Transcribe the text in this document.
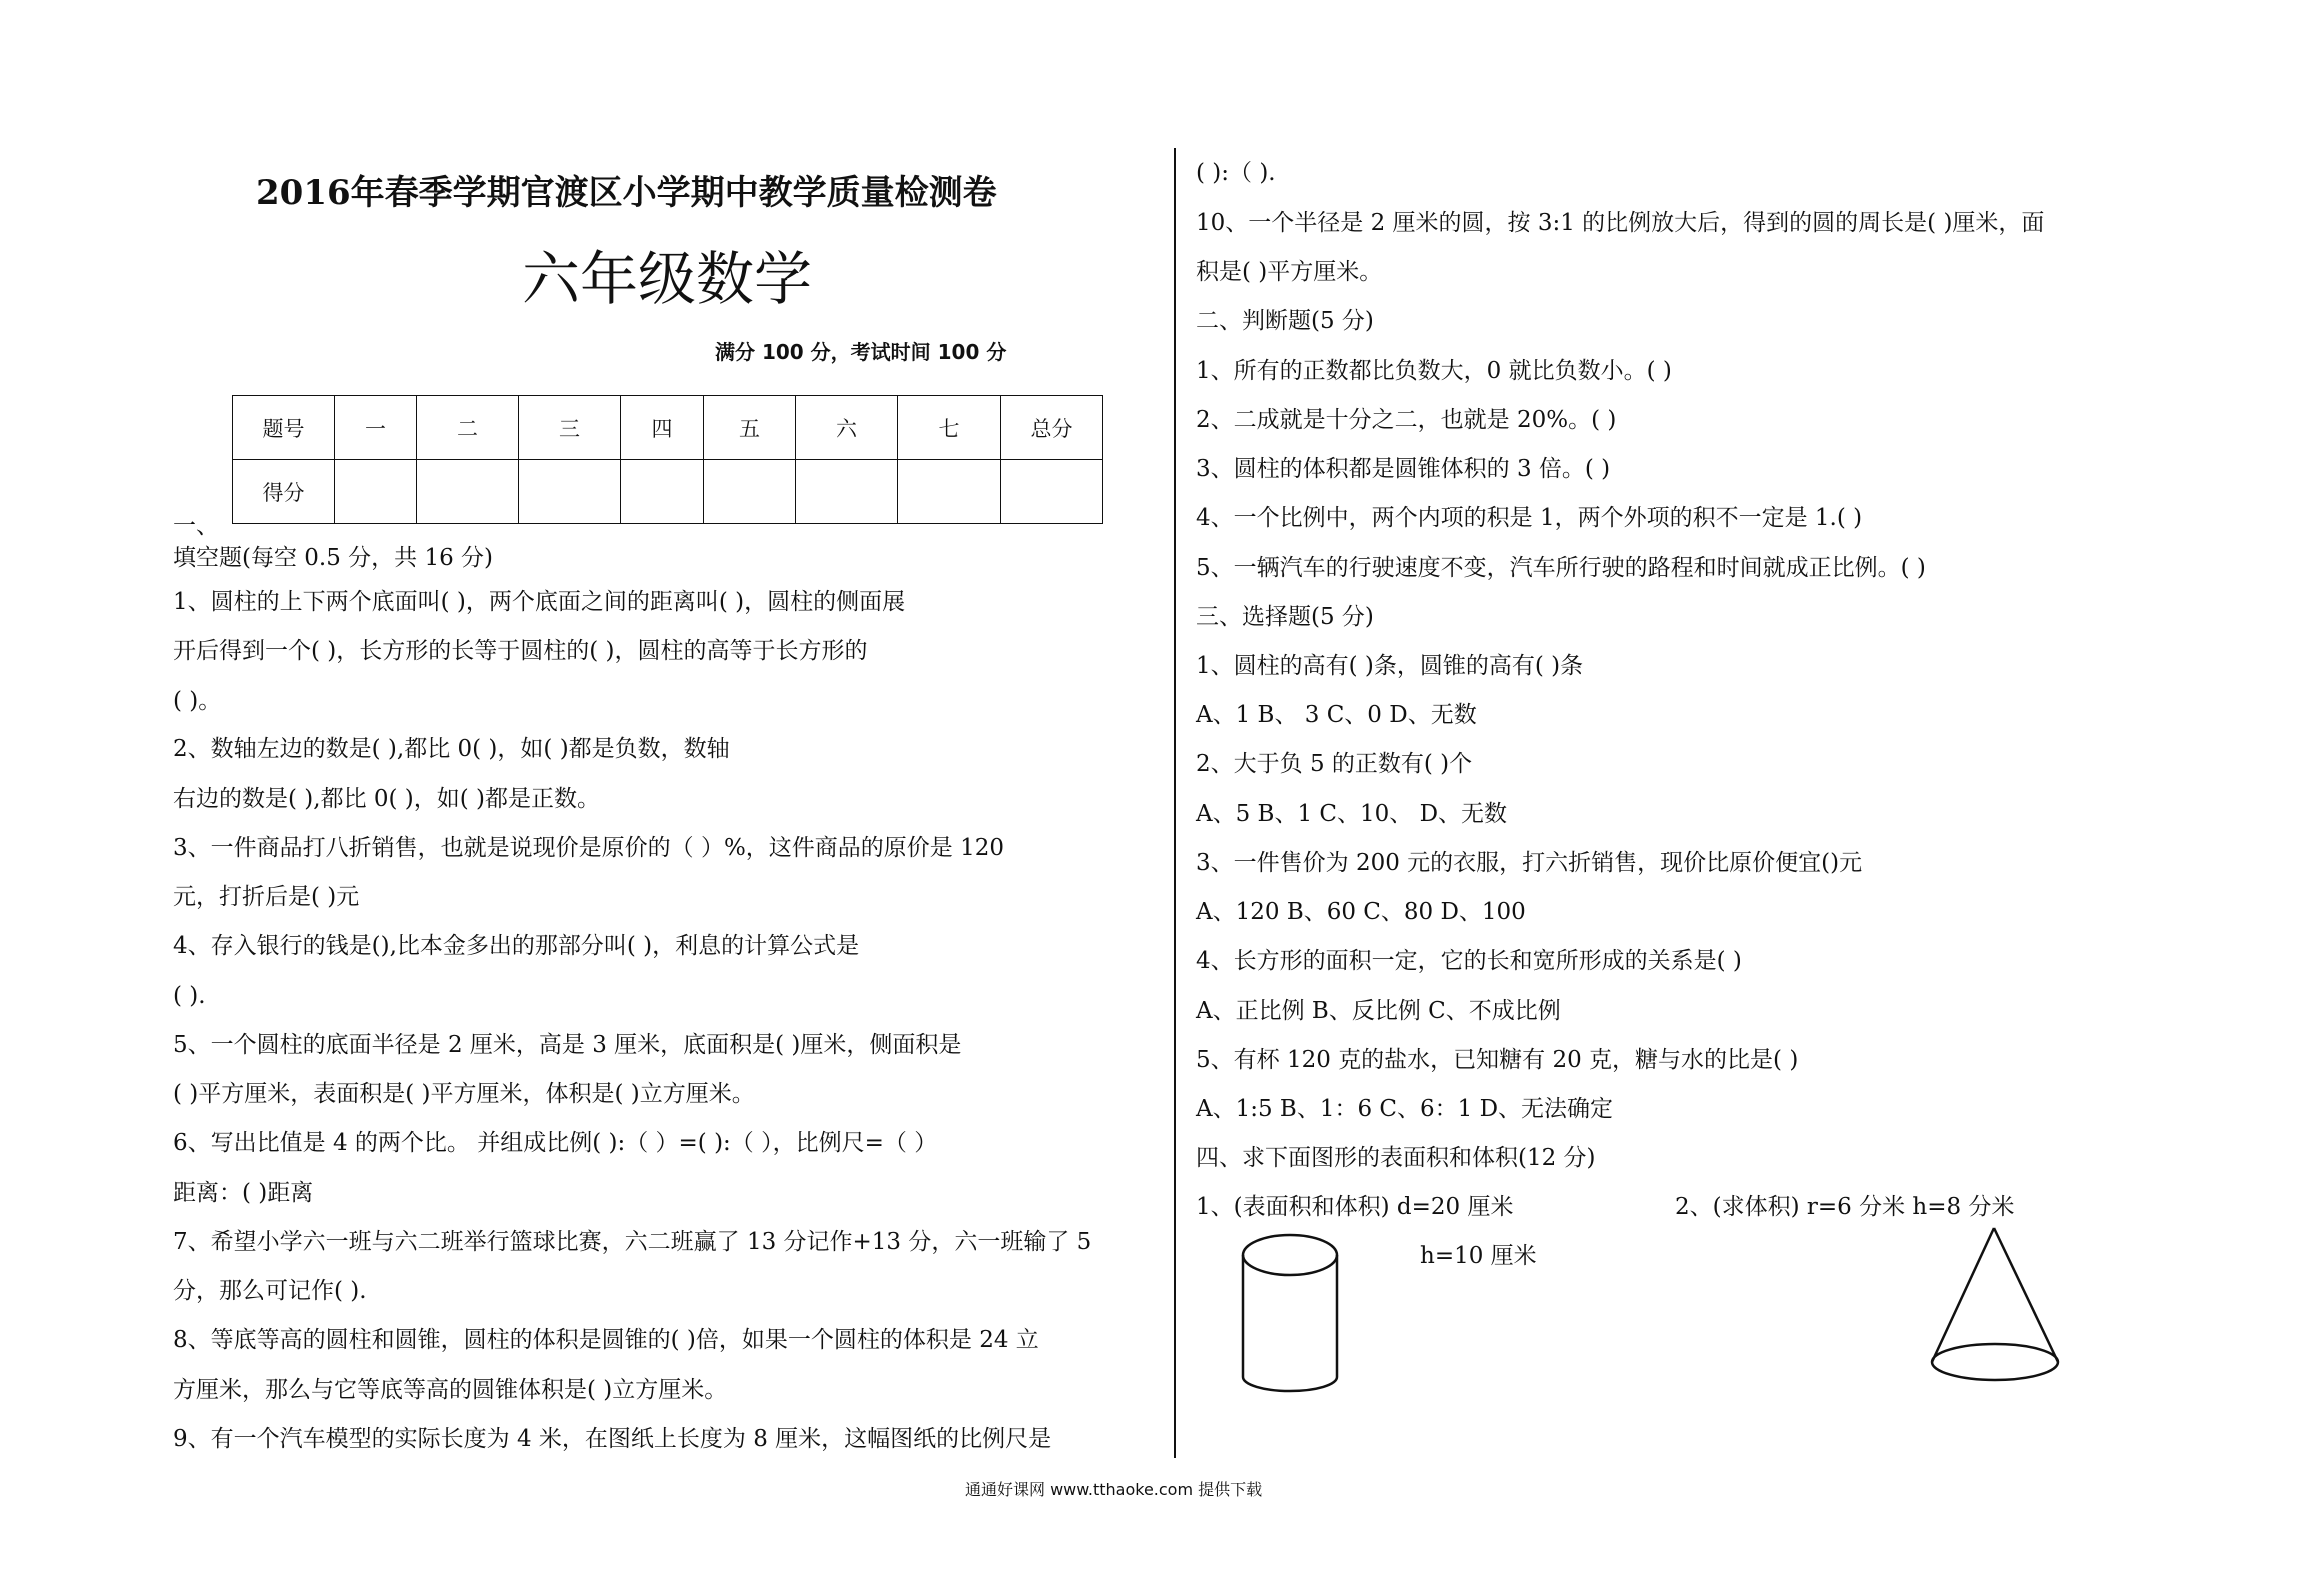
2016年春季学期官渡区小学期中教学质量检测卷
六年级数学
满分 100 分，考试时间 100 分
题号	一	二	三	四	五	六	七	总分
得分								
一、
填空题(每空 0.5 分，共 16 分)
1、圆柱的上下两个底面叫( )，两个底面之间的距离叫( )，圆柱的侧面展
开后得到一个( )，长方形的长等于圆柱的( )，圆柱的高等于长方形的
( )。
2、数轴左边的数是( ),都比 0( )，如( )都是负数，数轴
右边的数是( ),都比 0( )，如( )都是正数。
3、一件商品打八折销售，也就是说现价是原价的（ ）%，这件商品的原价是 120
元，打折后是( )元
4、存入银行的钱是(),比本金多出的那部分叫( )，利息的计算公式是
( ).
5、一个圆柱的底面半径是 2 厘米，高是 3 厘米，底面积是( )厘米，侧面积是
( )平方厘米，表面积是( )平方厘米，体积是( )立方厘米。
6、写出比值是 4 的两个比。 并组成比例( ):（ ）=( ):（ ），比例尺=（ ）
距离：( )距离
7、希望小学六一班与六二班举行篮球比赛，六二班赢了 13 分记作+13 分，六一班输了 5
分，那么可记作( ).
8、等底等高的圆柱和圆锥，圆柱的体积是圆锥的( )倍，如果一个圆柱的体积是 24 立
方厘米，那么与它等底等高的圆锥体积是( )立方厘米。
9、有一个汽车模型的实际长度为 4 米，在图纸上长度为 8 厘米，这幅图纸的比例尺是
( ):（ ).
10、一个半径是 2 厘米的圆，按 3:1 的比例放大后，得到的圆的周长是( )厘米，面
积是( )平方厘米。
二、判断题(5 分)
1、所有的正数都比负数大，0 就比负数小。( )
2、二成就是十分之二，也就是 20%。( )
3、圆柱的体积都是圆锥体积的 3 倍。( )
4、一个比例中，两个内项的积是 1，两个外项的积不一定是 1.( )
5、一辆汽车的行驶速度不变，汽车所行驶的路程和时间就成正比例。( )
三、选择题(5 分)
1、圆柱的高有( )条，圆锥的高有( )条
A、1 B、 3 C、0 D、无数
2、大于负 5 的正数有( )个
A、5 B、1 C、10、 D、无数
3、一件售价为 200 元的衣服，打六折销售，现价比原价便宜()元
A、120 B、60 C、80 D、100
4、长方形的面积一定，它的长和宽所形成的关系是( )
A、正比例 B、反比例 C、不成比例
5、有杯 120 克的盐水，已知糖有 20 克，糖与水的比是( )
A、1:5 B、1：6 C、6：1 D、无法确定
四、求下面图形的表面积和体积(12 分)
1、(表面积和体积) d=20 厘米
h=10 厘米
2、(求体积) r=6 分米 h=8 分米
通通好课网 www.tthaoke.com 提供下载
